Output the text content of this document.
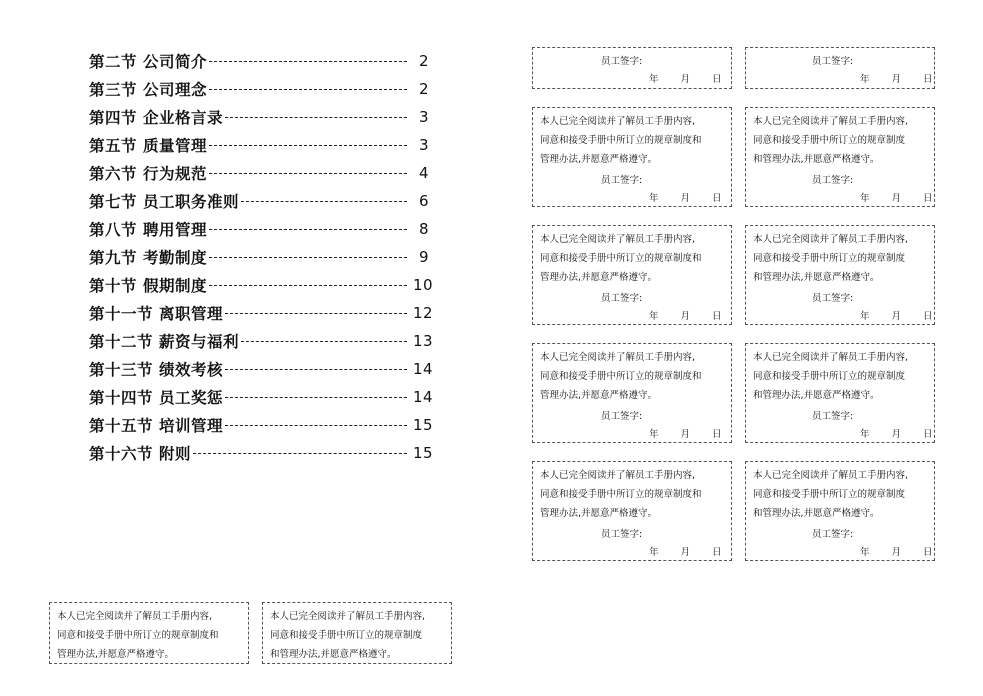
第二节 公司简介	2
第三节 公司理念	2
第四节 企业格言录	3
第五节 质量管理	3
第六节 行为规范	4
第七节 员工职务准则	6
第八节 聘用管理	8
第九节 考勤制度	9
第十节 假期制度	10
第十一节 离职管理	12
第十二节 薪资与福利	13
第十三节 绩效考核	14
第十四节 员工奖惩	14
第十五节 培训管理	15
第十六节 附则	15
员工签字:
年 月 日
员工签字:
年 月 日
本人已完全阅读并了解员工手册内容,
同意和接受手册中所订立的规章制度和
管理办法,并愿意严格遵守。
员工签字:
年 月 日
本人已完全阅读并了解员工手册内容,
同意和接受手册中所订立的规章制度
和管理办法,并愿意严格遵守。
员工签字:
年 月 日
本人已完全阅读并了解员工手册内容,
同意和接受手册中所订立的规章制度和
管理办法,并愿意严格遵守。
员工签字:
年 月 日
本人已完全阅读并了解员工手册内容,
同意和接受手册中所订立的规章制度
和管理办法,并愿意严格遵守。
员工签字:
年 月 日
本人已完全阅读并了解员工手册内容,
同意和接受手册中所订立的规章制度和
管理办法,并愿意严格遵守。
员工签字:
年 月 日
本人已完全阅读并了解员工手册内容,
同意和接受手册中所订立的规章制度
和管理办法,并愿意严格遵守。
员工签字:
年 月 日
本人已完全阅读并了解员工手册内容,
同意和接受手册中所订立的规章制度和
管理办法,并愿意严格遵守。
员工签字:
年 月 日
本人已完全阅读并了解员工手册内容,
同意和接受手册中所订立的规章制度
和管理办法,并愿意严格遵守。
员工签字:
年 月 日
本人已完全阅读并了解员工手册内容,
同意和接受手册中所订立的规章制度和
管理办法,并愿意严格遵守。
本人已完全阅读并了解员工手册内容,
同意和接受手册中所订立的规章制度
和管理办法,并愿意严格遵守。
